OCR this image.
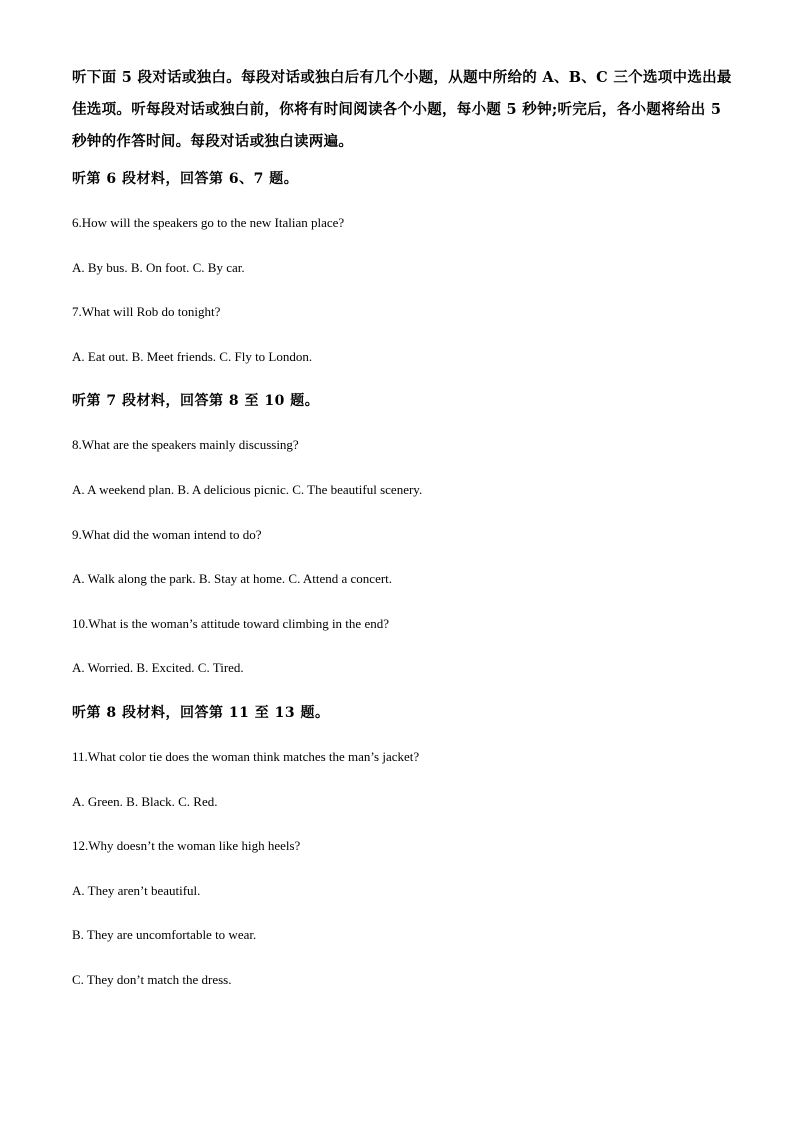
听下面 5 段对话或独白。每段对话或独白后有几个小题，从题中所给的 A、B、C 三个选项中选出最佳选项。听每段对话或独白前，你将有时间阅读各个小题，每小题 5 秒钟;听完后，各小题将给出 5 秒钟的作答时间。每段对话或独白读两遍。

听第 6 段材料，回答第 6、7 题。

6.How will the speakers go to the new Italian place?

A. By bus. B. On foot. C. By car.

7.What will Rob do tonight?

A. Eat out. B. Meet friends. C. Fly to London.

听第 7 段材料，回答第 8 至 10 题。

8.What are the speakers mainly discussing?

A. A weekend plan. B. A delicious picnic. C. The beautiful scenery.

9.What did the woman intend to do?

A. Walk along the park. B. Stay at home. C. Attend a concert.

10.What is the woman’s attitude toward climbing in the end?

A. Worried. B. Excited. C. Tired.

听第 8 段材料，回答第 11 至 13 题。

11.What color tie does the woman think matches the man’s jacket?

A. Green. B. Black. C. Red.

12.Why doesn’t the woman like high heels?

A. They aren’t beautiful.

B. They are uncomfortable to wear.

C. They don’t match the dress.
